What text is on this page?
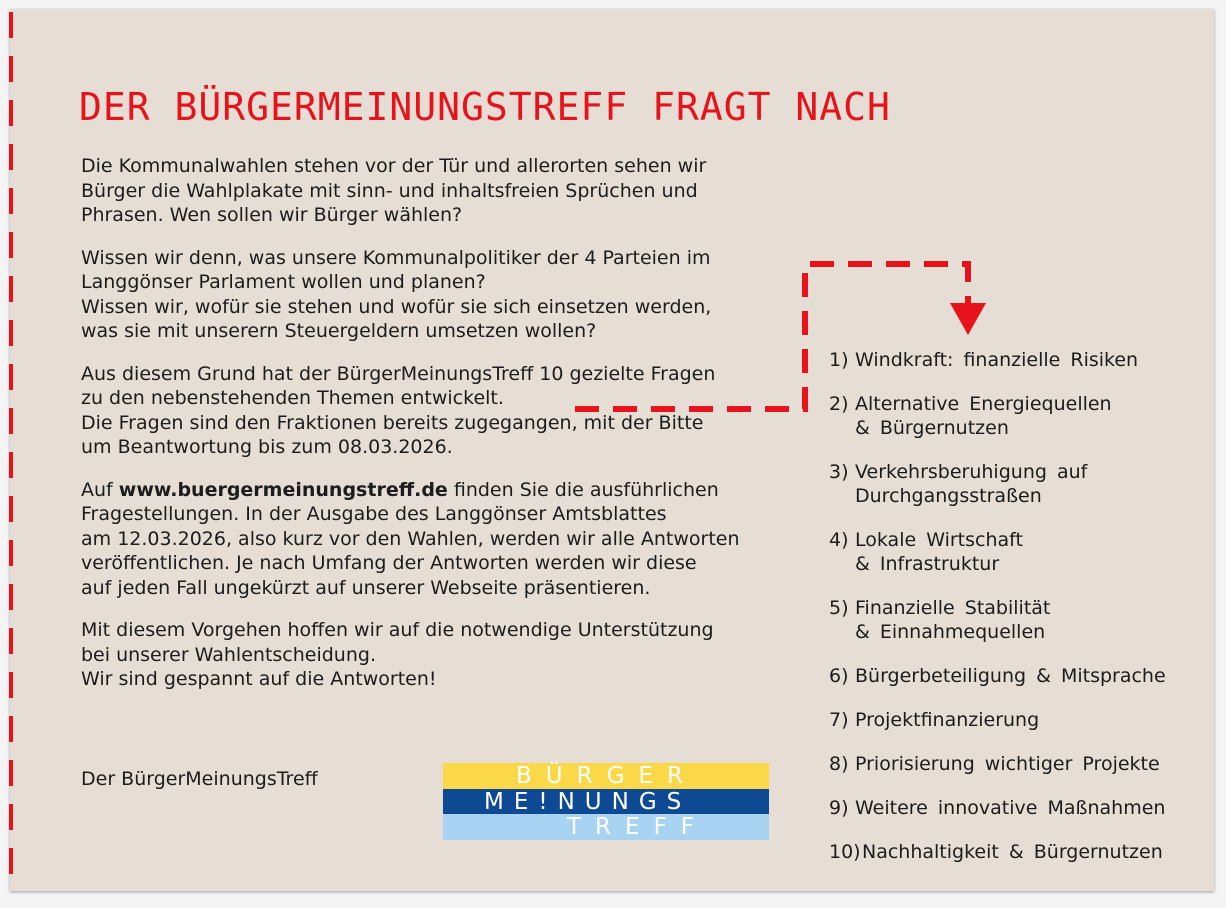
DER BÜRGERMEINUNGSTREFF FRAGT NACH

Die Kommunalwahlen stehen vor der Tür und allerorten sehen wir
Bürger die Wahlplakate mit sinn- und inhaltsfreien Sprüchen und
Phrasen. Wen sollen wir Bürger wählen?

Wissen wir denn, was unsere Kommunalpolitiker der 4 Parteien im
Langgönser Parlament wollen und planen?
Wissen wir, wofür sie stehen und wofür sie sich einsetzen werden,
was sie mit unserern Steuergeldern umsetzen wollen?

Aus diesem Grund hat der BürgerMeinungsTreff 10 gezielte Fragen
zu den nebenstehenden Themen entwickelt.
Die Fragen sind den Fraktionen bereits zugegangen, mit der Bitte
um Beantwortung bis zum 08.03.2026.

Auf www.buergermeinungstreff.de finden Sie die ausführlichen
Fragestellungen. In der Ausgabe des Langgönser Amtsblattes
am 12.03.2026, also kurz vor den Wahlen, werden wir alle Antworten
veröffentlichen. Je nach Umfang der Antworten werden wir diese
auf jeden Fall ungekürzt auf unserer Webseite präsentieren.

Mit diesem Vorgehen hoffen wir auf die notwendige Unterstützung
bei unserer Wahlentscheidung.
Wir sind gespannt auf die Antworten!

Der BürgerMeinungsTreff	BÜRGER
ME!NUNGS
TREFF
1) Windkraft: finanzielle Risiken
2) Alternative Energiequellen
& Bürgernutzen
3) Verkehrsberuhigung auf
Durchgangsstraßen
4) Lokale Wirtschaft
& Infrastruktur
5) Finanzielle Stabilität
& Einnahmequellen
6) Bürgerbeteiligung & Mitsprache
7) Projektfinanzierung
8) Priorisierung wichtiger Projekte
9) Weitere innovative Maßnahmen
10) Nachhaltigkeit & Bürgernutzen
